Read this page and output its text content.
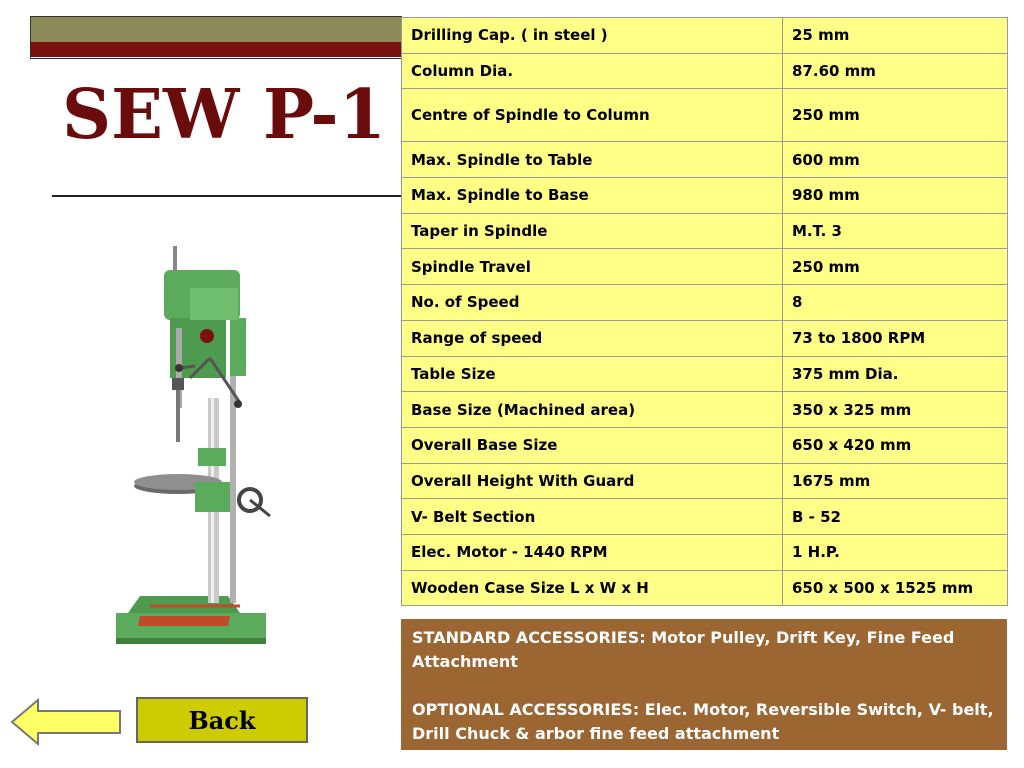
SEW P-1
Drilling Cap. ( in steel )	25 mm
Column Dia.	87.60 mm
Centre of Spindle to Column	250 mm
Max. Spindle to Table	600 mm
Max. Spindle to Base	980 mm
Taper in Spindle	M.T. 3
Spindle Travel	250 mm
No. of Speed	8
Range of speed	73 to 1800 RPM
Table Size	375 mm Dia.
Base Size (Machined area)	350 x 325 mm
Overall Base Size	650 x 420 mm
Overall Height With Guard	1675 mm
V- Belt Section	B - 52
Elec. Motor - 1440 RPM	1 H.P.
Wooden Case Size L x W x H	650 x 500 x 1525 mm

STANDARD ACCESSORIES: Motor Pulley, Drift Key, Fine Feed Attachment

OPTIONAL ACCESSORIES: Elec. Motor, Reversible Switch, V- belt, Drill Chuck & arbor fine feed attachment

Back
